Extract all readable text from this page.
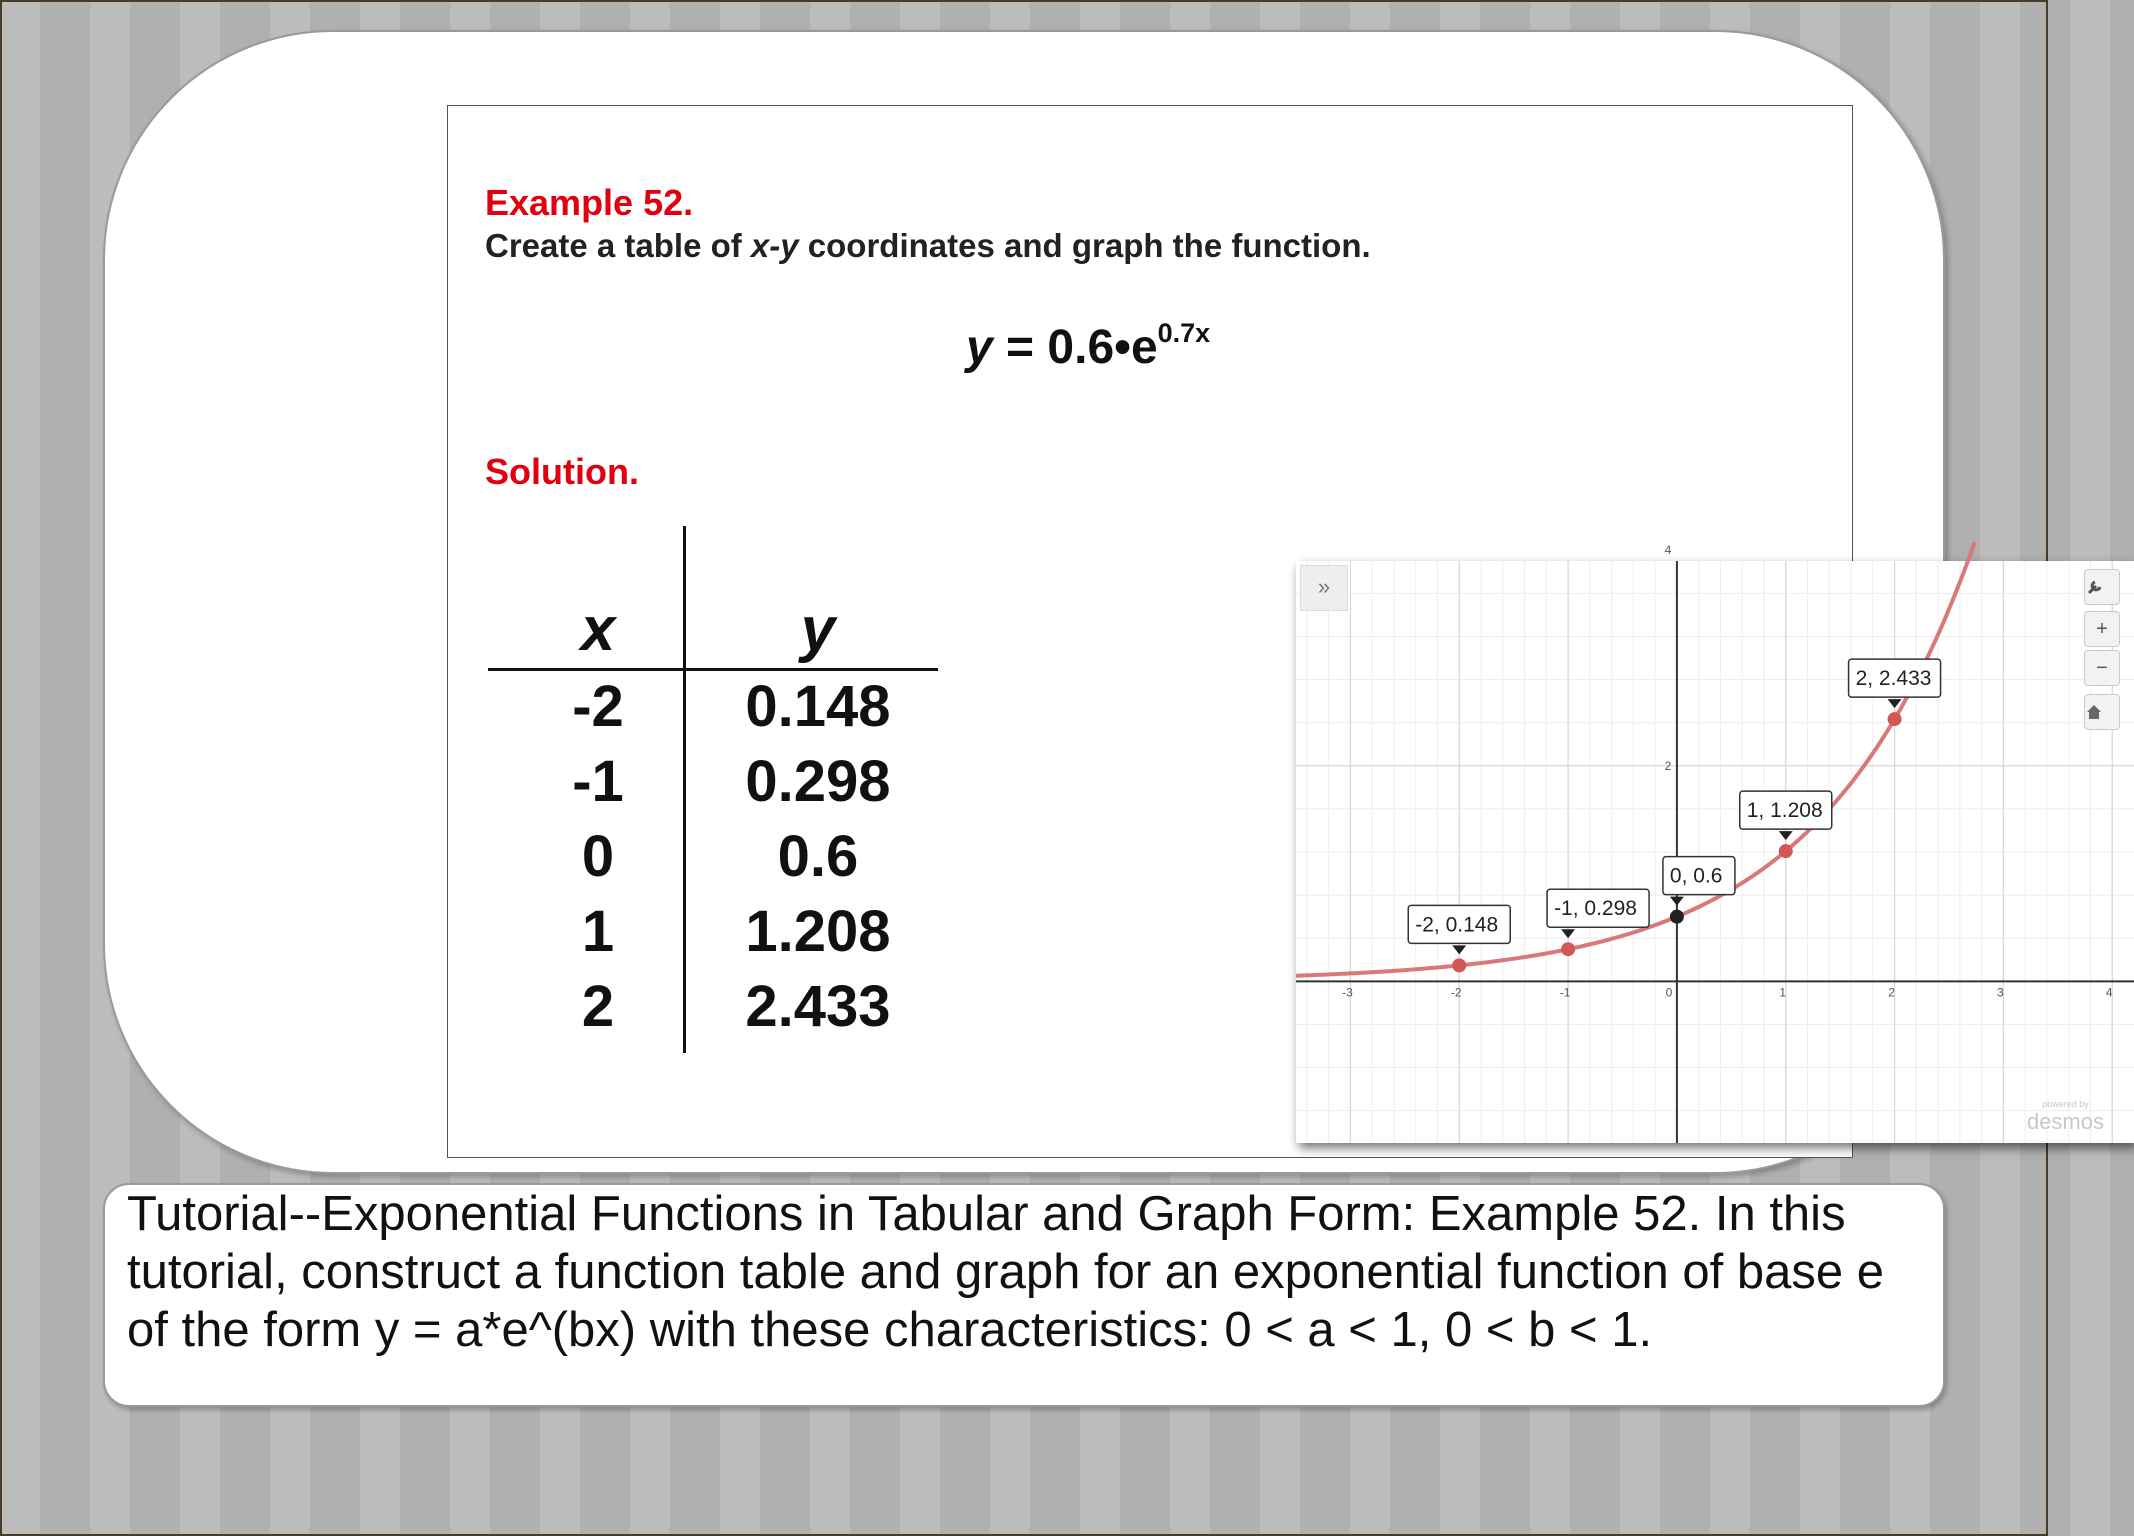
Example 52.
Create a table of x-y coordinates and graph the function.
$y = 0.6•e^{0.7x}$
Solution.
x	y
-2	0.148
-1	0.298
0	0.6
1	1.208
2	2.433	-3	-2	-1	0	1	2	3	4
2
4
-2, 0.148
-1, 0.298
0, 0.6
1, 1.208
2, 2.433
»
+
−
powered by
desmos

Tutorial--Exponential Functions in Tabular and Graph Form: Example 52. In this tutorial, construct a function table and graph for an exponential function of base e of the form y = a*e^(bx) with these characteristics: 0 < a < 1, 0 < b < 1.
